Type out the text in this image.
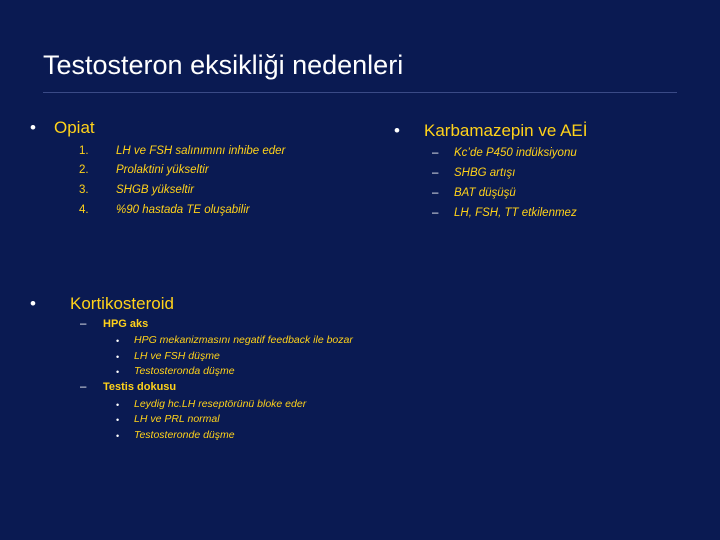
Testosteron eksikliği nedenleri
• Opiat
1. LH ve FSH salınımını inhibe eder
2. Prolaktini yükseltir
3. SHGB yükseltir
4. %90 hastada TE oluşabilir
• Karbamazepin ve AEİ
– Kc’de P450 indüksiyonu
– SHBG artışı
– BAT düşüşü
– LH, FSH, TT etkilenmez
• Kortikosteroid
– HPG aks
• HPG mekanizmasını negatif feedback ile bozar
• LH ve FSH düşme
• Testosteronda düşme
– Testis dokusu
• Leydig hc.LH reseptörünü bloke eder
• LH ve PRL normal
• Testosteronde düşme
